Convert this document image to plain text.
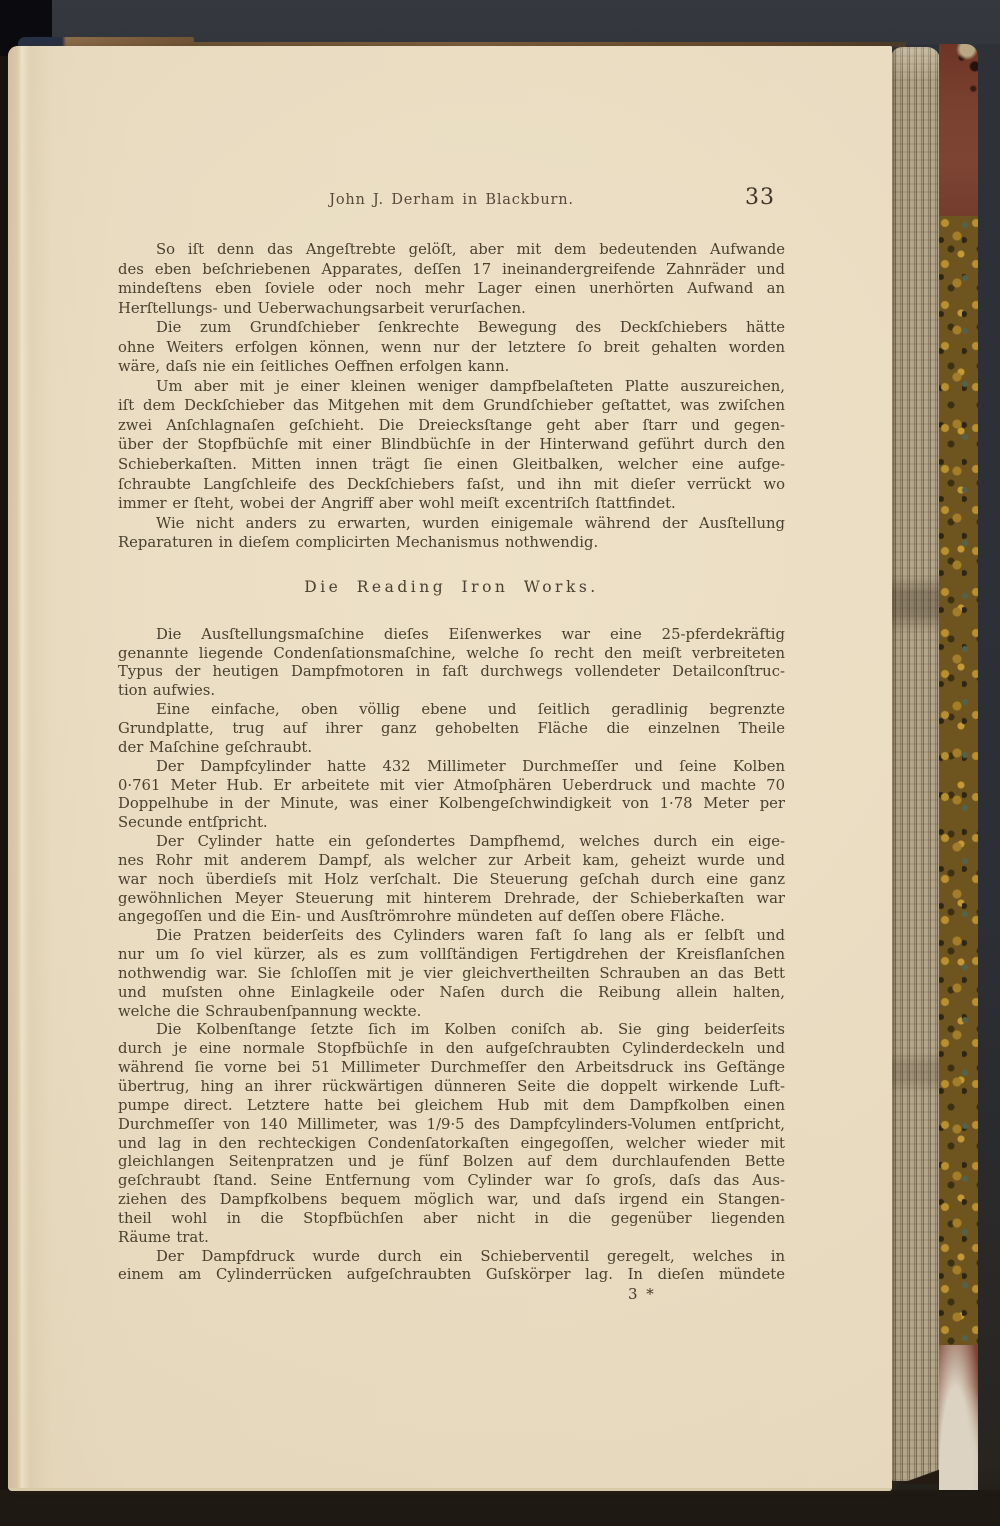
John J. Derham in Blackburn.	33
So iſt denn das Angeſtrebte gelöſt, aber mit dem bedeutenden Aufwande
des eben beſchriebenen Apparates, deſſen 17 ineinandergreifende Zahnräder und
mindeſtens eben ſoviele oder noch mehr Lager einen unerhörten Aufwand an
Herſtellungs- und Ueberwachungsarbeit verurſachen.
Die zum Grundſchieber ſenkrechte Bewegung des Deckſchiebers hätte
ohne Weiters erfolgen können, wenn nur der letztere ſo breit gehalten worden
wäre, daſs nie ein ſeitliches Oeffnen erfolgen kann.
Um aber mit je einer kleinen weniger dampfbelaſteten Platte auszureichen,
iſt dem Deckſchieber das Mitgehen mit dem Grundſchieber geſtattet, was zwiſchen
zwei Anſchlagnaſen geſchieht. Die Dreiecksſtange geht aber ſtarr und gegen-
über der Stopfbüchſe mit einer Blindbüchſe in der Hinterwand geführt durch den
Schieberkaſten. Mitten innen trägt ſie einen Gleitbalken, welcher eine aufge-
ſchraubte Langſchleife des Deckſchiebers faſst, und ihn mit dieſer verrückt wo
immer er ſteht, wobei der Angriff aber wohl meiſt excentriſch ſtattfindet.
Wie nicht anders zu erwarten, wurden einigemale während der Ausſtellung
Reparaturen in dieſem complicirten Mechanismus nothwendig.
Die Reading Iron Works.
Die Ausſtellungsmaſchine dieſes Eiſenwerkes war eine 25-pferdekräftig
genannte liegende Condenſationsmaſchine, welche ſo recht den meiſt verbreiteten
Typus der heutigen Dampfmotoren in faſt durchwegs vollendeter Detailconſtruc-
tion aufwies.
Eine einfache, oben völlig ebene und ſeitlich geradlinig begrenzte
Grundplatte, trug auf ihrer ganz gehobelten Fläche die einzelnen Theile
der Maſchine geſchraubt.
Der Dampfcylinder hatte 432 Millimeter Durchmeſſer und ſeine Kolben
0·761 Meter Hub. Er arbeitete mit vier Atmoſphären Ueberdruck und machte 70
Doppelhube in der Minute, was einer Kolbengeſchwindigkeit von 1·78 Meter per
Secunde entſpricht.
Der Cylinder hatte ein geſondertes Dampfhemd, welches durch ein eige-
nes Rohr mit anderem Dampf, als welcher zur Arbeit kam, geheizt wurde und
war noch überdieſs mit Holz verſchalt. Die Steuerung geſchah durch eine ganz
gewöhnlichen Meyer Steuerung mit hinterem Drehrade, der Schieberkaſten war
angegoſſen und die Ein- und Ausſtrömrohre mündeten auf deſſen obere Fläche.
Die Pratzen beiderſeits des Cylinders waren faſt ſo lang als er ſelbſt und
nur um ſo viel kürzer, als es zum vollſtändigen Fertigdrehen der Kreisflanſchen
nothwendig war. Sie ſchloſſen mit je vier gleichvertheilten Schrauben an das Bett
und muſsten ohne Einlagkeile oder Naſen durch die Reibung allein halten,
welche die Schraubenſpannung weckte.
Die Kolbenſtange ſetzte ſich im Kolben coniſch ab. Sie ging beiderſeits
durch je eine normale Stopfbüchſe in den aufgeſchraubten Cylinderdeckeln und
während ſie vorne bei 51 Millimeter Durchmeſſer den Arbeitsdruck ins Geſtänge
übertrug, hing an ihrer rückwärtigen dünneren Seite die doppelt wirkende Luft-
pumpe direct. Letztere hatte bei gleichem Hub mit dem Dampfkolben einen
Durchmeſſer von 140 Millimeter, was 1/9·5 des Dampfcylinders-Volumen entſpricht,
und lag in den rechteckigen Condenſatorkaſten eingegoſſen, welcher wieder mit
gleichlangen Seitenpratzen und je fünf Bolzen auf dem durchlaufenden Bette
geſchraubt ſtand. Seine Entfernung vom Cylinder war ſo groſs, daſs das Aus-
ziehen des Dampfkolbens bequem möglich war, und daſs irgend ein Stangen-
theil wohl in die Stopfbüchſen aber nicht in die gegenüber liegenden
Räume trat.
Der Dampfdruck wurde durch ein Schieberventil geregelt, welches in
einem am Cylinderrücken aufgeſchraubten Guſskörper lag. In dieſen mündete
3 *
